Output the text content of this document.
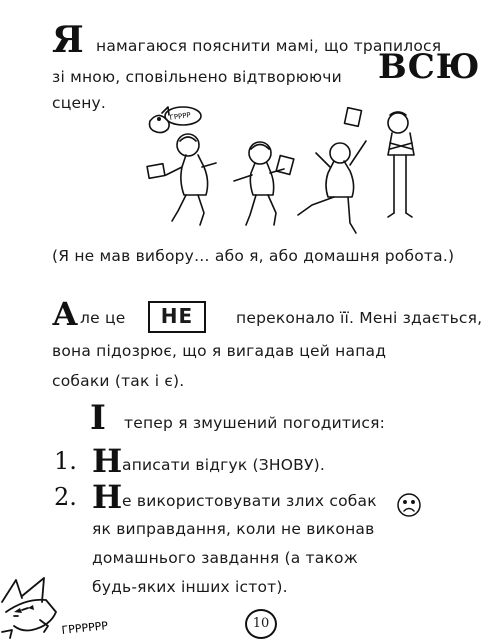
Я намагаюся пояснити мамі, що трапилося
зі мною, сповільнено відтворюючи ВСЮ
сцену.
ГРРРР
(Я не мав вибору… або я, або домашня робота.)
А ле це	НЕ	переконало її. Мені здається,
вона підозрює, що я вигадав цей напад
собаки (так і є).
І тепер я змушений погодитися:
1. Н аписати відгук (ЗНОВУ).
2. Н е використовувати злих собак
як виправдання, коли не виконав
домашнього завдання (а також
будь-яких інших істот).
ГРРРРРР	10
